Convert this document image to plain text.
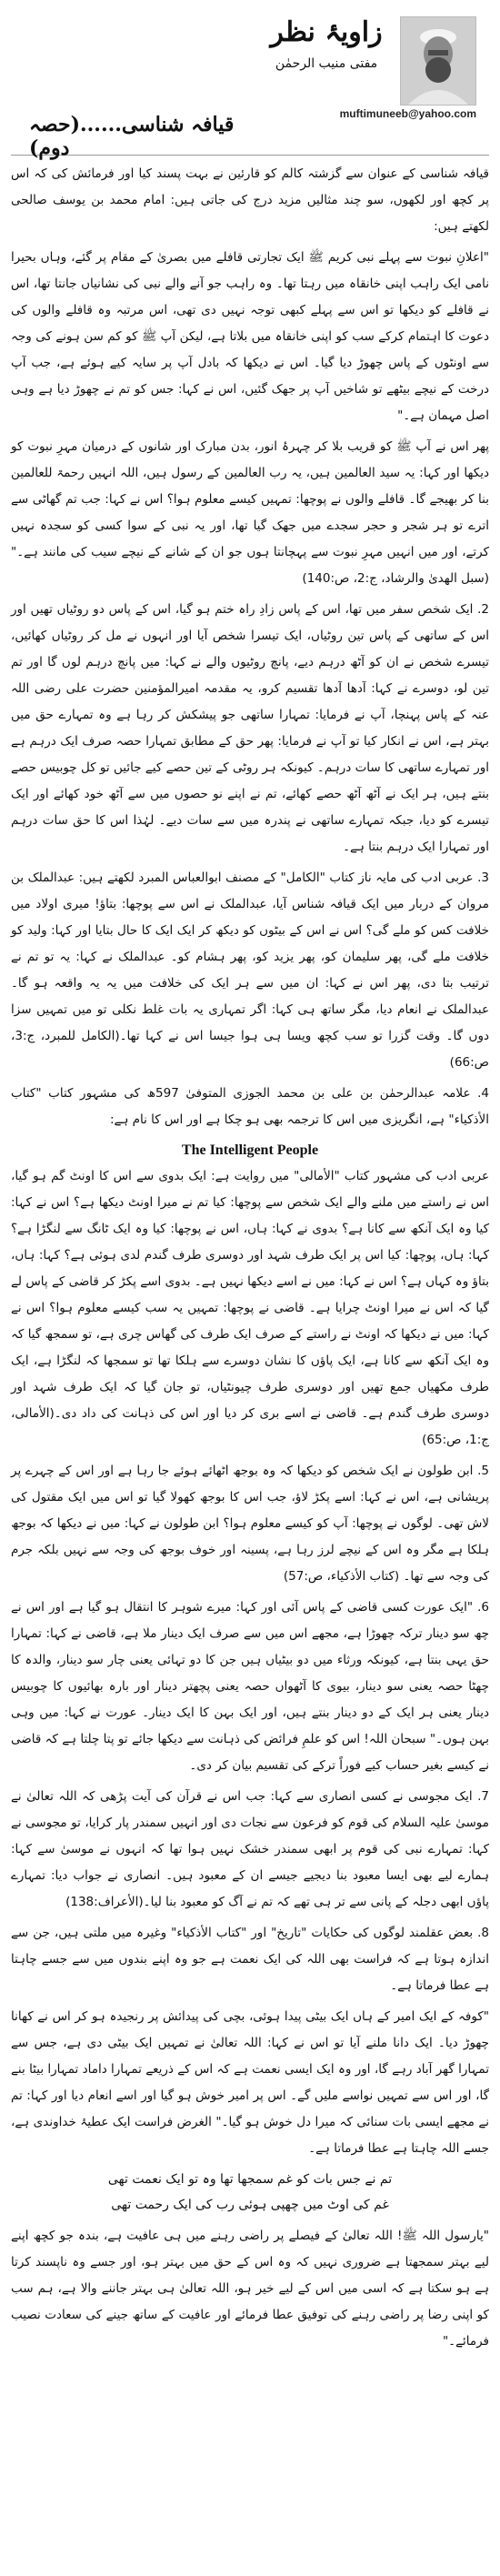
زاویۂ نظر
مفتی منیب الرحمٰن
muftimuneeb@yahoo.com
قیافہ شناسی......(حصہ دوم)

قیافہ شناسی کے عنوان سے گزشتہ کالم کو قارئین نے بہت پسند کیا اور فرمائش کی کہ اس پر کچھ اور لکھوں، سو چند مثالیں مزید درج کی جاتی ہیں: امام محمد بن یوسف صالحی لکھتے ہیں:

"اعلانِ نبوت سے پہلے نبی کریم ﷺ ایک تجارتی قافلے میں بصریٰ کے مقام پر گئے، وہاں بحیرا نامی ایک راہب اپنی خانقاہ میں رہتا تھا۔ وہ راہب جو آنے والے نبی کی نشانیاں جانتا تھا، اس نے قافلے کو دیکھا تو اس سے پہلے کبھی توجہ نہیں دی تھی، اس مرتبہ وہ قافلے والوں کی دعوت کا اہتمام کرکے سب کو اپنی خانقاہ میں بلاتا ہے، لیکن آپ ﷺ کو کم سن ہونے کی وجہ سے اونٹوں کے پاس چھوڑ دیا گیا۔ اس نے دیکھا کہ بادل آپ پر سایہ کیے ہوئے ہے، جب آپ درخت کے نیچے بیٹھے تو شاخیں آپ پر جھک گئیں، اس نے کہا: جس کو تم نے چھوڑ دیا ہے وہی اصل مہمان ہے۔"

پھر اس نے آپ ﷺ کو قریب بلا کر چہرۂ انور، بدن مبارک اور شانوں کے درمیان مہرِ نبوت کو دیکھا اور کہا: یہ سید العالمین ہیں، یہ رب العالمین کے رسول ہیں، اللہ انہیں رحمۃ للعالمین بنا کر بھیجے گا۔ قافلے والوں نے پوچھا: تمہیں کیسے معلوم ہوا؟ اس نے کہا: جب تم گھاٹی سے اترے تو ہر شجر و حجر سجدے میں جھک گیا تھا، اور یہ نبی کے سوا کسی کو سجدہ نہیں کرتے، اور میں انہیں مہرِ نبوت سے پہچانتا ہوں جو ان کے شانے کے نیچے سیب کی مانند ہے۔"(سبل الھدیٰ والرشاد، ج:2، ص:140)

2. ایک شخص سفر میں تھا، اس کے پاس زادِ راہ ختم ہو گیا، اس کے پاس دو روٹیاں تھیں اور اس کے ساتھی کے پاس تین روٹیاں، ایک تیسرا شخص آیا اور انہوں نے مل کر روٹیاں کھائیں، تیسرے شخص نے ان کو آٹھ درہم دیے، پانچ روٹیوں والے نے کہا: میں پانچ درہم لوں گا اور تم تین لو، دوسرے نے کہا: آدھا آدھا تقسیم کرو، یہ مقدمہ امیرالمؤمنین حضرت علی رضی اللہ عنہ کے پاس پہنچا، آپ نے فرمایا: تمہارا ساتھی جو پیشکش کر رہا ہے وہ تمہارے حق میں بہتر ہے، اس نے انکار کیا تو آپ نے فرمایا: پھر حق کے مطابق تمہارا حصہ صرف ایک درہم ہے اور تمہارے ساتھی کا سات درہم۔ کیونکہ ہر روٹی کے تین حصے کیے جائیں تو کل چوبیس حصے بنتے ہیں، ہر ایک نے آٹھ آٹھ حصے کھائے، تم نے اپنے نو حصوں میں سے آٹھ خود کھائے اور ایک تیسرے کو دیا، جبکہ تمہارے ساتھی نے پندرہ میں سے سات دیے۔ لہٰذا اس کا حق سات درہم اور تمہارا ایک درہم بنتا ہے۔

3. عربی ادب کی مایہ ناز کتاب "الکامل" کے مصنف ابوالعباس المبرد لکھتے ہیں: عبدالملک بن مروان کے دربار میں ایک قیافہ شناس آیا، عبدالملک نے اس سے پوچھا: بتاؤ! میری اولاد میں خلافت کس کو ملے گی؟ اس نے اس کے بیٹوں کو دیکھ کر ایک ایک کا حال بتایا اور کہا: ولید کو خلافت ملے گی، پھر سلیمان کو، پھر یزید کو، پھر ہشام کو۔ عبدالملک نے کہا: یہ تو تم نے ترتیب بتا دی، پھر اس نے کہا: ان میں سے ہر ایک کی خلافت میں یہ یہ واقعہ ہو گا۔ عبدالملک نے انعام دیا، مگر ساتھ ہی کہا: اگر تمہاری یہ بات غلط نکلی تو میں تمہیں سزا دوں گا۔ وقت گزرا تو سب کچھ ویسا ہی ہوا جیسا اس نے کہا تھا۔(الکامل للمبرد، ج:3، ص:66)

4. علامہ عبدالرحمٰن بن علی بن محمد الجوزی المتوفیٰ 597ھ کی مشہور کتاب "کتاب الأذکیاء" ہے، انگریزی میں اس کا ترجمہ بھی ہو چکا ہے اور اس کا نام ہے:

The Intelligent People

عربی ادب کی مشہور کتاب "الأمالی" میں روایت ہے: ایک بدوی سے اس کا اونٹ گم ہو گیا، اس نے راستے میں ملنے والے ایک شخص سے پوچھا: کیا تم نے میرا اونٹ دیکھا ہے؟ اس نے کہا: کیا وہ ایک آنکھ سے کانا ہے؟ بدوی نے کہا: ہاں، اس نے پوچھا: کیا وہ ایک ٹانگ سے لنگڑا ہے؟ کہا: ہاں، پوچھا: کیا اس پر ایک طرف شہد اور دوسری طرف گندم لدی ہوئی ہے؟ کہا: ہاں، بتاؤ وہ کہاں ہے؟ اس نے کہا: میں نے اسے دیکھا نہیں ہے۔ بدوی اسے پکڑ کر قاضی کے پاس لے گیا کہ اس نے میرا اونٹ چرایا ہے۔ قاضی نے پوچھا: تمہیں یہ سب کیسے معلوم ہوا؟ اس نے کہا: میں نے دیکھا کہ اونٹ نے راستے کے صرف ایک طرف کی گھاس چری ہے، تو سمجھ گیا کہ وہ ایک آنکھ سے کانا ہے، ایک پاؤں کا نشان دوسرے سے ہلکا تھا تو سمجھا کہ لنگڑا ہے، ایک طرف مکھیاں جمع تھیں اور دوسری طرف چیونٹیاں، تو جان گیا کہ ایک طرف شہد اور دوسری طرف گندم ہے۔ قاضی نے اسے بری کر دیا اور اس کی ذہانت کی داد دی۔(الأمالی، ج:1، ص:65)

5. ابن طولون نے ایک شخص کو دیکھا کہ وہ بوجھ اٹھائے ہوئے جا رہا ہے اور اس کے چہرے پر پریشانی ہے، اس نے کہا: اسے پکڑ لاؤ، جب اس کا بوجھ کھولا گیا تو اس میں ایک مقتول کی لاش تھی۔ لوگوں نے پوچھا: آپ کو کیسے معلوم ہوا؟ ابن طولون نے کہا: میں نے دیکھا کہ بوجھ ہلکا ہے مگر وہ اس کے نیچے لرز رہا ہے، پسینہ اور خوف بوجھ کی وجہ سے نہیں بلکہ جرم کی وجہ سے تھا۔ (کتاب الأذکیاء، ص:57)

6. "ایک عورت کسی قاضی کے پاس آئی اور کہا: میرے شوہر کا انتقال ہو گیا ہے اور اس نے چھ سو دینار ترکہ چھوڑا ہے، مجھے اس میں سے صرف ایک دینار ملا ہے، قاضی نے کہا: تمہارا حق یہی بنتا ہے، کیونکہ ورثاء میں دو بیٹیاں ہیں جن کا دو تہائی یعنی چار سو دینار، والدہ کا چھٹا حصہ یعنی سو دینار، بیوی کا آٹھواں حصہ یعنی پچھتر دینار اور بارہ بھائیوں کا چوبیس دینار یعنی ہر ایک کے دو دینار بنتے ہیں، اور ایک بہن کا ایک دینار۔ عورت نے کہا: میں وہی بہن ہوں۔" سبحان اللہ! اس کو علمِ فرائض کی ذہانت سے دیکھا جائے تو پتا چلتا ہے کہ قاضی نے کیسے بغیر حساب کیے فوراً ترکے کی تقسیم بیان کر دی۔

7. ایک مجوسی نے کسی انصاری سے کہا: جب اس نے قرآن کی آیت پڑھی کہ اللہ تعالیٰ نے موسیٰ علیہ السلام کی قوم کو فرعون سے نجات دی اور انہیں سمندر پار کرایا، تو مجوسی نے کہا: تمہارے نبی کی قوم پر ابھی سمندر خشک نہیں ہوا تھا کہ انہوں نے موسیٰ سے کہا: ہمارے لیے بھی ایسا معبود بنا دیجیے جیسے ان کے معبود ہیں۔ انصاری نے جواب دیا: تمہارے پاؤں ابھی دجلہ کے پانی سے تر ہی تھے کہ تم نے آگ کو معبود بنا لیا۔(الأعراف:138)

8. بعض عقلمند لوگوں کی حکایات "تاریخ" اور "کتاب الأذکیاء" وغیرہ میں ملتی ہیں، جن سے اندازہ ہوتا ہے کہ فراست بھی اللہ کی ایک نعمت ہے جو وہ اپنے بندوں میں سے جسے چاہتا ہے عطا فرماتا ہے۔

"کوفہ کے ایک امیر کے ہاں ایک بیٹی پیدا ہوئی، بچی کی پیدائش پر رنجیدہ ہو کر اس نے کھانا چھوڑ دیا۔ ایک دانا ملنے آیا تو اس نے کہا: اللہ تعالیٰ نے تمہیں ایک بیٹی دی ہے، جس سے تمہارا گھر آباد رہے گا، اور وہ ایک ایسی نعمت ہے کہ اس کے ذریعے تمہارا داماد تمہارا بیٹا بنے گا، اور اس سے تمہیں نواسے ملیں گے۔ اس پر امیر خوش ہو گیا اور اسے انعام دیا اور کہا: تم نے مجھے ایسی بات سنائی کہ میرا دل خوش ہو گیا۔" الغرض فراست ایک عطیۂ خداوندی ہے، جسے اللہ چاہتا ہے عطا فرماتا ہے۔

تم نے جس بات کو غم سمجھا تھا وہ تو ایک نعمت تھی
غم کی اوٹ میں چھپی ہوئی رب کی ایک رحمت تھی

"یارسول اللہ ﷺ! اللہ تعالیٰ کے فیصلے پر راضی رہنے میں ہی عافیت ہے، بندہ جو کچھ اپنے لیے بہتر سمجھتا ہے ضروری نہیں کہ وہ اس کے حق میں بہتر ہو، اور جسے وہ ناپسند کرتا ہے ہو سکتا ہے کہ اسی میں اس کے لیے خیر ہو، اللہ تعالیٰ ہی بہتر جاننے والا ہے، ہم سب کو اپنی رضا پر راضی رہنے کی توفیق عطا فرمائے اور عافیت کے ساتھ جینے کی سعادت نصیب فرمائے۔"
